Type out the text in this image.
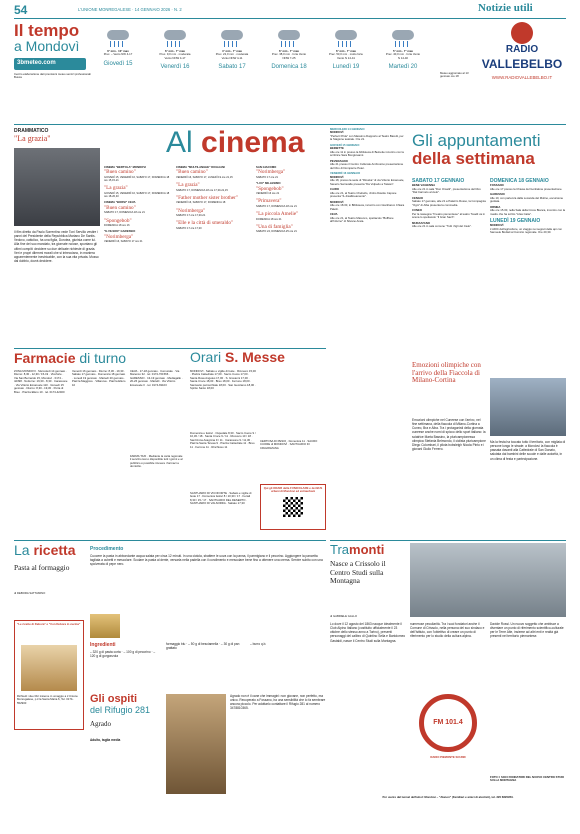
54	L'UNIONE MONREGALESE · 14 GENNAIO 2026 · N. 2	Notizie utili
Il tempo
a Mondovì
3bmeteo.com
Centro elaborazione dati previsioni meteo servizi professionali Busca
6° min · 10° max
Prec. – Vento NW 4-17
Giovedì 15
6° min · 7° max
Prec. 9,0 mm · moderata Vento NNW 4-17
Venerdì 16
4° min · 7° max
Prec. 22,0 mm · moderata Vento NNW 4-11
Sabato 17
6° min · 7° max
Prec. 38,0 mm · forte Vento NNW 7-25
Domenica 18
6° min · 7° max
Prec. 53,0 mm · molto forte Vento N 14-41
Lunedì 19
5° min · 7° max
Prec. 40,0 mm · forte Vento N 14-40
Martedì 20
Meteo aggiornato al 13 gennaio ore 18
RADIO
VALLEBELBO
WWW.RADIOVALLEBELBO.IT
DRAMMATICO
"La grazia"
Il film diretto da Paolo Sorrentino vede Toni Servillo vestire i panni del Presidente della Repubblica Mariano De Santis. Vedovo, cattolico, ha una figlia, Dorotea, giurista come lui. Alla fine del suo mandato, tra giornate noiose, spuntano gli ultimi compiti: decidere su due delicate richieste di grazia. Veri e propri dilemmi morali che si intrecciano, in maniera apparentemente inestricabile, con la sua vita privata. Mosso dal dubbio, dovrà decidere.
Al cinema
CINEMA "BERTOLA" MONDOVÌ
"Buen camino"
GIOVEDÌ 15, VENERDÌ 16, SABATO 17, DOMENICA 18 ore 15,15-21
"La grazia"
GIOVEDÌ 15, VENERDÌ 16, SABATO 17, DOMENICA 18 ore 18-20,40
CINEMA "BORSI" CEVA
"Buen camino"
SABATO 17, DOMENICA 18 ore 21
"Spongebob"
DOMENICA 18 ore 16
"E.VILSON" GARESSIO
"Norimberga"
VENERDÌ 16, SABATO 17 ore 21
CINEMA "MULTILANGHE" DOGLIANI
"Buen camino"
VENERDÌ 16, SABATO 17, LUNEDÌ 19 ore 21,15
"La grazia"
SABATO 17, DOMENICA 18 ore 17,30-21,15
"Father mother sister brother"
VENERDÌ 16, SABATO 17, DOMENICA 18
"Norimberga"
SABATO 17 ore 17,30-21
"Elle e la città di smeraldo"
SABATO 17 ore 17,30
SAN GIACOMO
"Norimberga"
SABATO 17 ore 21
"LUX" MILLESIMO
"Spongebob"
VENERDÌ 16 ore 21
"Primavera"
SABATO 17, DOMENICA 18 ore 21
"La piccola Amelie"
DOMENICA 18 ore 21
"Una di famiglia"
SABATO 24, DOMENICA 25 ore 21
MERCOLEDÌ 14 GENNAIO
MONDOVÌ
"Perfect Pride" con Massimo Dapporto al Teatro Baretti, per la Stagione teatrale. Ore 21.
GIOVEDÌ 15 GENNAIO
BEINETTE
Alle ore 11 in presso la biblioteca di Beinette incontro con la scrittrice Sara Bongiovanni.
PEVERAGNO
Alle 21 presso il Centro Culturale Ambrosino presentazione del libro di Dompierre Peter.
VENERDÌ 16 GENNAIO
MONDOVÌ
Alle 18, presso la sede di "Rinalva" di via Vittorio Emanuele, Saverio Serravalle presenta "Da Volpedo a Taiwan".
CAIRO
Alle ore 21, al Teatro Chebello, Jimbo Davide Capone presenta "IL disallineamento".
MONDOVÌ
Alle ore 18.30, in Biblioteca, incontro con Gianfranco Chiara Paletti.
CEVA
Alle ore 21, al Teatro Marenco, spettacolo "Bufflone all'Inferno" di Silvano Arata.
Gli appuntamenti
della settimana
SABATO 17 GENNAIO
BENE VAGIENNA
Alle ore 21 in sala "Don Orsatti", presentazione del libro "Dal Carmelo al cielo".
CENGIO
Sabato 17 gennaio, alle 21 a Palazzo Rosso, la Compagnia "Ogni" di Alba presenta la commedia.
CUNEO
Per la rassegna "Il teatro piemontese" al teatro Toselli va in scena lo spettacolo "Il Gran Sach".
MURAZZANO
Alle ore 21 in sala comune "Tutti i figli del Cielo".
DOMENICA 18 GENNAIO
FOSSANO
Alle ore 17 presso la Chiesa del Gonfalone presentazione.
GARESSIO
Alle 10, con partenza dalla Locanda del Mulino, escursione guidata.
ORMEA
Alle ore 15.30, nella Sala della Croce Bianca, incontro con la madre che ha scritto "Lilas Catie".
LUNEDÌ 19 GENNAIO
MONDOVÌ
L'ADIC dell'agricoltore, un viaggio nei segreti delle api con Samuele Bodiati al Comicio regionale. Ore 20,30.
Emozioni olimpiche con l'arrivo della Fiaccola di Milano-Cortina
Emozioni olimpiche nel Cuneese con l'arrivo, nel fine settimana, della fiaccola di Milano-Cortina a Cuneo, Bra e Alba. Tra i protagonisti della giornata cuneese anche nomi di spicco dello sport italiano: la sciatrice Marta Bassino, la pluricampionessa olimpica Stefania Belmondo, il ciclista pluricampione Diego Colombari, il pilota bobsleigh Nicola Pinto e i giovani Giulio Ferrero.
Ma la festa ha toccato tutto il territorio, con migliaia di persone lungo le strade: a Mondovì la fiaccola è passata davanti alla Cattedrale di San Donato, salutata dai bambini delle scuole e dalle autorità, in un clima di festa e partecipazione.
Farmacie di turno
ZONA MONDOVÌ · Mercoledì 14 gennaio · Diurno: 8,30 - 12,30 / 15-19 · Vicoforte · Via San Bernardo 15, Mondovì · 0174 - 42398 · Notturno: 19,30 - 8,30 · Carassone · Via Vittorio Emanuele 110 · Giovedì 15 gennaio · Diurno: 8,30 - 19,30 · Porta di Breo · Piazza Ellero 10 · tel. 0174-42460
Venerdì 16 gennaio · Diurno: 8,30 - 19,30 · Sabato 17 gennaio · Domenica 18 gennaio · Lunedì 19 gennaio · Martedì 20 gennaio · Piazza Maggiore · Villanova · Piazza Ellero 10
CEVA · 17-18 gennaio · Comunale · Via Marenco 32 · tel. 0174-701566 · GARESSIO · 13-19 gennaio · Mediagallo · 20-26 gennaio · Martelli · Via Vittorio Emanuele II · tel. 0174-81103
FARMA TAXI · Mediante la carta regionale il servizio taxi è disponibile tutti i giorni e al pubblico è possibile ricevere i farmaci a domicilio.
Orari S. Messe
MONDOVÌ · Sabato e vigilie di feste · Ricovero 15,00 · Piazza Cattedrale 17,00 · Sacro Cuore 17,00 · Santa Rosa Angeles 17,00 · S. Giovanni 17,00 · Santa Croce 18,00 · Breo 18,00 · Ferrone 18,00 · Santuario parrocchiale 18,00 · San Gerolamo 18,00 · Spirito Santo 18,00
Domenica e festivi · Ospedale 8,30 · Sacro Cuore 9 / 10,30 / 18 · Santa Croce 9 / 11 · Ricovero 10 / 18 · Sant'Anna Avagnina 9 / 11 · Carassone 9 / 11,30 · Piazza Santa Teresa 9 · Piazza Cattedrale 11 · Breo 11 · Ferrone 11 · Rinchiuso 11
SANTUARIO DI VICOFORTE · Sabato e vigilie di feste 17 · Domenica festivi 8 / 10,30 / 17 · Feriali 8,30 / 15 / 17 · SANTUARIO DEL DESERTO · SANTUARIO DI VALSORDA · Sabato 17,30
CERTOSA DI PESIO · Domenica 11 · SACRO CUORE di MONDOVÌ · SANTUARIO DI CRAVANZANA
Qui gli ORARI della FUNICOLARE e dei BUS urbani di Mondovì ed extraurbani
Tramonti
Nasce a Crissolo il Centro Studi sulla Montagna
di GABRIELE GALLO
Lo dove il 12 agosto del 1863 nacque idealmente il Club Alpino Italiano (costituito ufficialmente il 23 ottobre dello stesso anno a Torino), presenti personaggi del calibro di Quintino Sella e Bartolomeo Gastaldi, nasce il Centro Studi sulla Montagna.
numerose peculiarità. Tra i suoi fondatori anche il Comune di Crissolo, nella persona del suo sindaco e dell'Istituto, con l'obiettivo di creare un punto di riferimento per lo studio della cultura alpina.
Davide Rossi. Un nuovo soggetto che ambisce a diventare un punto di riferimento scientifico-culturale per le Terre Alte, insieme ad altri enti e realtà già presenti nel territorio piemontese.
FOTO: I SOCI FONDATORI DEL NUOVO CENTRO STUDI SULLA MONTAGNA
FM 101.4
RADIO PIEMONTE SOUND
Per uscire dal tunnel dell'alcol: Mondovì – "Alanon" (Familiari e amici di alcolisti), tel. 320 6820953.
La ricetta
Pasta al formaggio
di DEBORA SATTAMINO
"Le ricette di Debora" e "Con Debora in cucina"
Richiedi i due libri insieme in omaggio a L'Unione Monregalese, p.zza Santa Maria 6, Tel. 0174-552900
Procedimento
Cuocere la pasta in abbondante acqua salata per circa 12 minuti. In una ciotola, sbattere le uova con la panna, il parmigiano e il pecorino. Aggiungere la pancetta tagliata a cubetti e mescolare. Scolare la pasta al dente, versarla nella padella con il condimento e mescolare bene fino a ottenere una crema. Servire subito con una spolverata di pepe nero.
Ingredienti
– 320 g di pasta corta · – 100 g di pecorino · – 120 g di gorgonzola
formaggio blu · – 50 g di besciamella · – 30 g di pan grattato
– burro q.b.
Gli ospiti
del Rifugio 281
Agrado
Adulto, taglia media
Agrado non è il cane che immagini: non giovane, non perfetto, ma unico. Recuperato a Fossano, ha una sensibilità che lo fa sembrare ancora piccolo. Per adottarlo contattare il Rifugio 281 al numero 3478810365.
